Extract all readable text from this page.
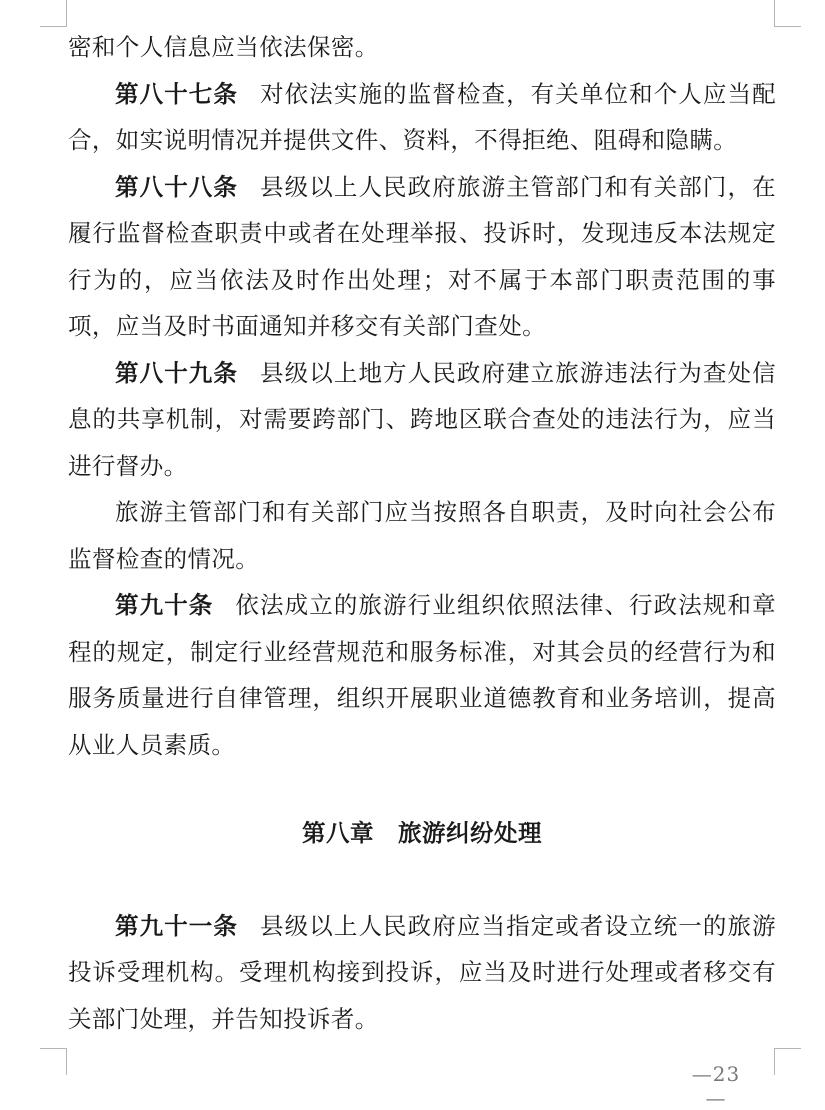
密和个人信息应当依法保密。

第八十七条 对依法实施的监督检查，有关单位和个人应当配合，如实说明情况并提供文件、资料，不得拒绝、阻碍和隐瞒。

第八十八条 县级以上人民政府旅游主管部门和有关部门，在履行监督检查职责中或者在处理举报、投诉时，发现违反本法规定行为的，应当依法及时作出处理；对不属于本部门职责范围的事项，应当及时书面通知并移交有关部门查处。

第八十九条 县级以上地方人民政府建立旅游违法行为查处信息的共享机制，对需要跨部门、跨地区联合查处的违法行为，应当进行督办。

旅游主管部门和有关部门应当按照各自职责，及时向社会公布监督检查的情况。

第九十条 依法成立的旅游行业组织依照法律、行政法规和章程的规定，制定行业经营规范和服务标准，对其会员的经营行为和服务质量进行自律管理，组织开展职业道德教育和业务培训，提高从业人员素质。

第八章　旅游纠纷处理

第九十一条 县级以上人民政府应当指定或者设立统一的旅游投诉受理机构。受理机构接到投诉，应当及时进行处理或者移交有关部门处理，并告知投诉者。

—23—
